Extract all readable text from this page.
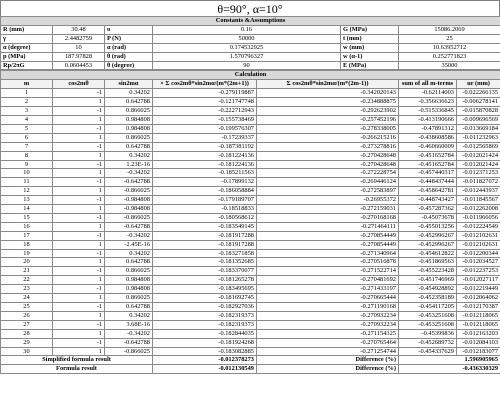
θ=90°, α=10°
Constants &Assumptions					
R (mm)	30.48	υ	0.16	G (MPa)	15086.2069
γ	2.4482759	P (N)	50000	t (mm)	25
α (degree)	10	α (rad)	0.174532925	w (mm)	10.63952712
p (MPa)	187.97828	θ (rad)	1.570796327	w (α-1)	0.252771823
Rp/2πG	0.0604453	θ (degree)	90	E (MPa)	35000
Calculation						
m	cos2mθ	sin2mα	× Σ cos2mθ*sin2mα/(m*(2m+1))	Σ cos2mθ*sin2mα/(m*(2m-1))	sum of all m-terms	ur (mm)
1	-1	0.34202	-0.279119887	-0.342020143	-0.62114003	-0.022266135
2	1	0.642788	-0.121747748	-0.234888875	-0.356636623	-0.006278141
3	-1	0.866025	-0.222712943	-0.292623902	-0.515336845	-0.015870828
4	1	0.984808	-0.155738469	-0.257452196	-0.413190666	-0.009696569
5	-1	0.984808	-0.199576307	-0.278338005	-0.47891312	-0.013669184
6	1	0.866025	-0.17239337	-0.266215216	-0.438608586	-0.011232963
7	-1	0.642788	-0.187381192	-0.273278816	-0.460660009	-0.012565869
8	1	0.34202	-0.181224136	-0.270428648	-0.451652784	-0.012021424
9	-1	1.23E-16	-0.181224136	-0.270428648	-0.451652784	-0.012021424
10	1	-0.34202	-0.185211563	-0.272228754	-0.457440317	-0.012371253
11	-1	-0.642788	-0.17899132	-0.269446124	-0.448437444	-0.011827072
12	1	-0.866025	-0.186058884	-0.272583897	-0.458642781	-0.012443937
13	-1	-0.984808	-0.179189707	-0.26955372	-0.448743427	-0.011845567
14	1	-0.984808	-0.18518833	-0.272159031	-0.457287362	-0.012262008
15	-1	-0.866025	-0.180568612	-0.270168168	-0.45073678	-0.011966056
16	1	-0.642788	-0.183549145	-0.271464111	-0.455013256	-0.012224549
17	-1	-0.34202	-0.181917288	-0.270854449	-0.452996267	-0.012102631
18	1	-2.45E-16	-0.181917288	-0.270854449	-0.452996267	-0.012102631
19	-1	0.34202	-0.183271858	-0.271340964	-0.454612822	-0.012200344
20	1	0.642788	-0.181352685	-0.270516878	-0.451869563	-0.012034527
21	-1	0.866025	-0.183370077	-0.271522714	-0.455223428	-0.012237253
22	1	0.984808	-0.181265278	-0.270481692	-0.451746969	-0.012027117
23	-1	0.984808	-0.183495695	-0.271433197	-0.454928892	-0.012219449
24	1	0.866025	-0.181692745	-0.270665444	-0.452358189	-0.012064062
25	-1	0.642788	-0.182927036	-0.271190168	-0.454117205	-0.012170387
26	1	0.34202	-0.182319373	-0.270932234	-0.453251608	-0.012118065
27	-1	3.68E-16	-0.182319373	-0.270932234	-0.453251608	-0.012118065
28	1	-0.34202	-0.182844035	-0.271154325	-0.45399836	-0.012163203
29	-1	-0.642788	-0.181924268	-0.270765464	-0.452689732	-0.012084103
30	1	-0.866025	-0.183082885	-0.271254744	-0.454337629	-0.012183077
Simplified formula result			-0.012378273	Difference (%)	1.596905965	
Formula result			-0.012130549	Difference (%)	-0.436330329	
